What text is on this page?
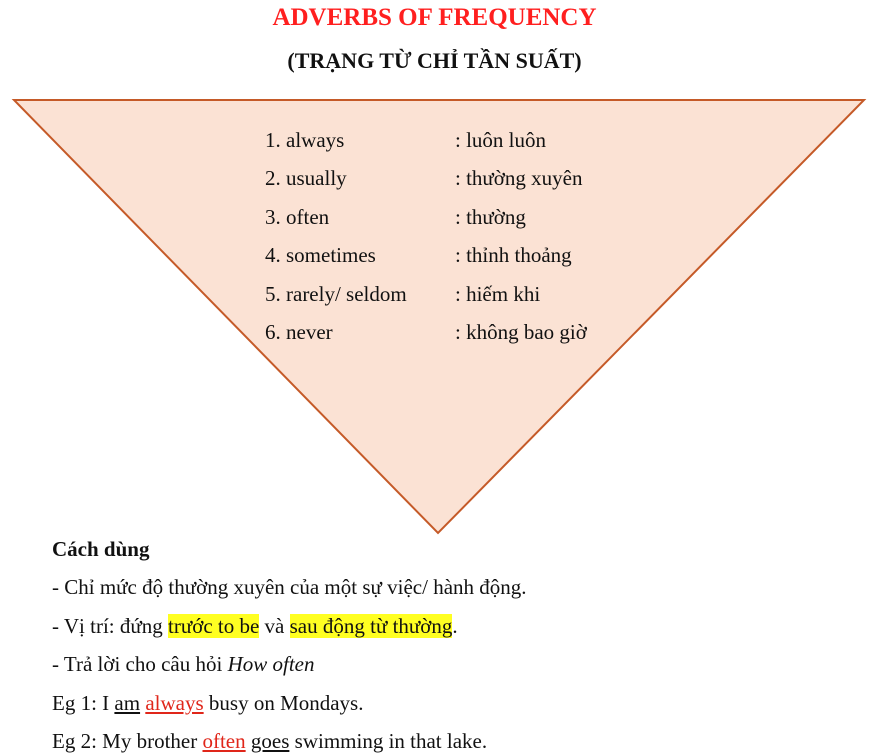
ADVERBS OF FREQUENCY
(TRẠNG TỪ CHỈ TẦN SUẤT)
1. always	: luôn luôn
2. usually	: thường xuyên
3. often	: thường
4. sometimes	: thỉnh thoảng
5. rarely/ seldom : hiếm khi
6. never	: không bao giờ
Cách dùng
- Chỉ mức độ thường xuyên của một sự việc/ hành động.
- Vị trí: đứng trước to be và sau động từ thường.
- Trả lời cho câu hỏi How often
Eg 1: I am always busy on Mondays.
Eg 2: My brother often goes swimming in that lake.
